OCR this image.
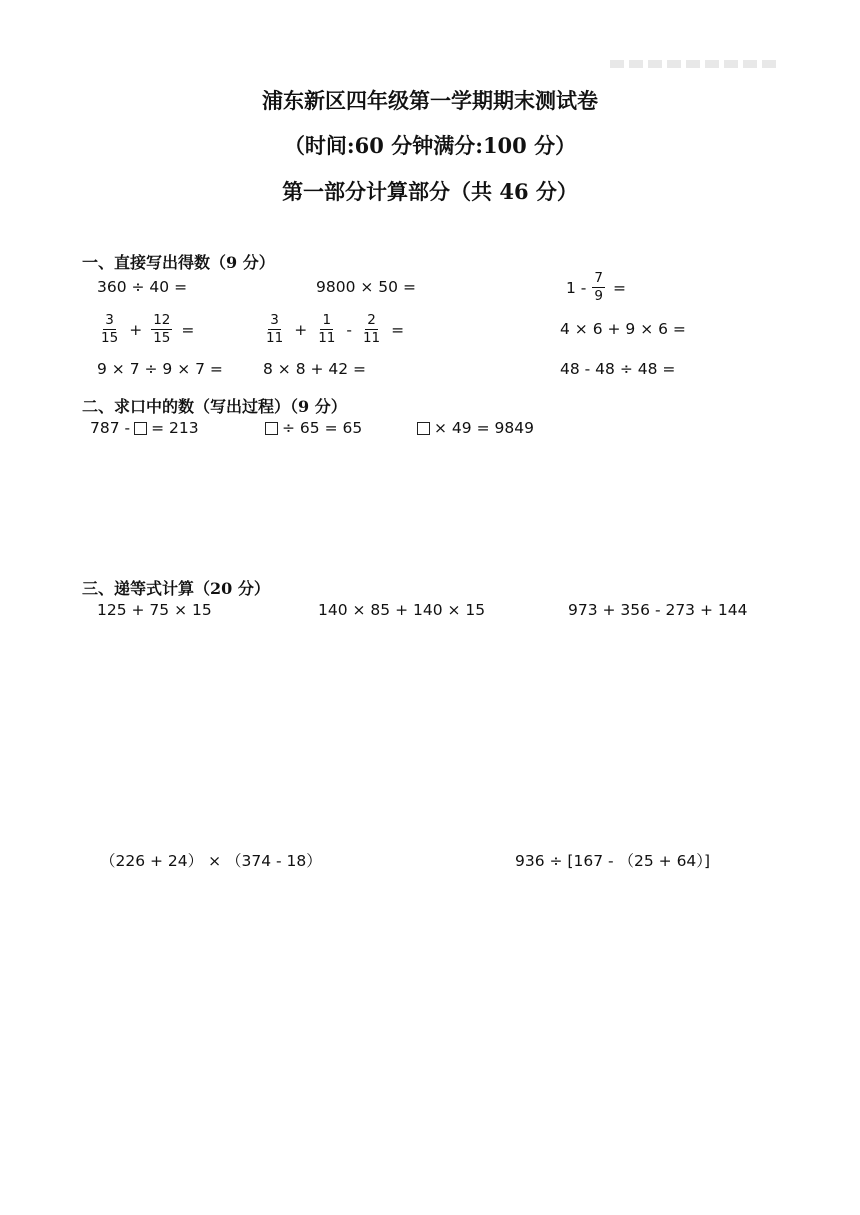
浦东新区四年级第一学期期末测试卷
（时间:60 分钟满分:100 分）
第一部分计算部分（共 46 分）
一、直接写出得数（9 分）
360 ÷ 40 =	9800 × 50 =	$1 - \frac{7}{9}$ =
$\frac{3}{15} + \frac{12}{15}$ =	$\frac{3}{11} + \frac{1}{11} - \frac{2}{11}$ =	4 × 6 + 9 × 6 =
9 × 7 ÷ 9 × 7 =	8 × 8 + 42 =	48 - 48 ÷ 48 =
二、求口中的数（写出过程）（9 分）
787 - = 213	÷ 65 = 65	× 49 = 9849
三、递等式计算（20 分）
125 + 75 × 15	140 × 85 + 140 × 15	973 + 356 - 273 + 144
（226 + 24） × （374 - 18）	936 ÷ [167 - （25 + 64）]
